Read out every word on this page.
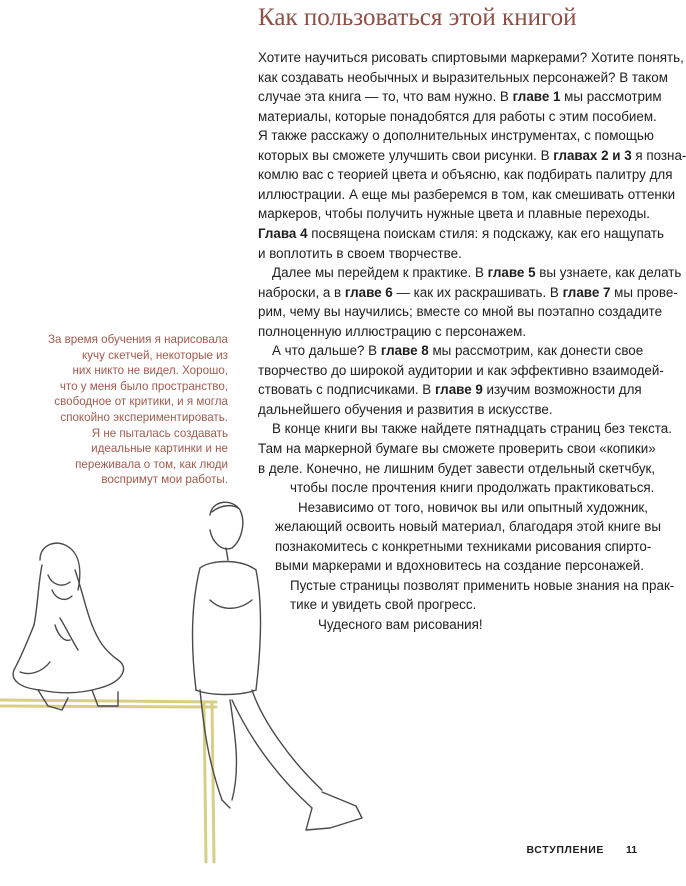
Как пользоваться этой книгой
Хотите научиться рисовать спиртовыми маркерами? Хотите понять,
как создавать необычных и выразительных персонажей? В таком
случае эта книга — то, что вам нужно. В главе 1 мы рассмотрим
материалы, которые понадобятся для работы с этим пособием.
Я также расскажу о дополнительных инструментах, с помощью
которых вы сможете улучшить свои рисунки. В главах 2 и 3 я позна-
комлю вас с теорией цвета и объясню, как подбирать палитру для
иллюстрации. А еще мы разберемся в том, как смешивать оттенки
маркеров, чтобы получить нужные цвета и плавные переходы.
Глава 4 посвящена поискам стиля: я подскажу, как его нащупать
и воплотить в своем творчестве.
Далее мы перейдем к практике. В главе 5 вы узнаете, как делать
наброски, а в главе 6 — как их раскрашивать. В главе 7 мы прове-
рим, чему вы научились; вместе со мной вы поэтапно создадите
полноценную иллюстрацию с персонажем.
А что дальше? В главе 8 мы рассмотрим, как донести свое
творчество до широкой аудитории и как эффективно взаимодей-
ствовать с подписчиками. В главе 9 изучим возможности для
дальнейшего обучения и развития в искусстве.
В конце книги вы также найдете пятнадцать страниц без текста.
Там на маркерной бумаге вы сможете проверить свои «копики»
в деле. Конечно, не лишним будет завести отдельный скетчбук,
чтобы после прочтения книги продолжать практиковаться.
Независимо от того, новичок вы или опытный художник,
желающий освоить новый материал, благодаря этой книге вы
познакомитесь с конкретными техниками рисования спирто-
выми маркерами и вдохновитесь на создание персонажей.
Пустые страницы позволят применить новые знания на прак-
тике и увидеть свой прогресс.
Чудесного вам рисования!
За время обучения я нарисовала
кучу скетчей, некоторые из
них никто не видел. Хорошо,
что у меня было пространство,
свободное от критики, и я могла
спокойно экспериментировать.
Я не пыталась создавать
идеальные картинки и не
переживала о том, как люди
воспримут мои работы.
ВСТУПЛЕНИЕ 11
